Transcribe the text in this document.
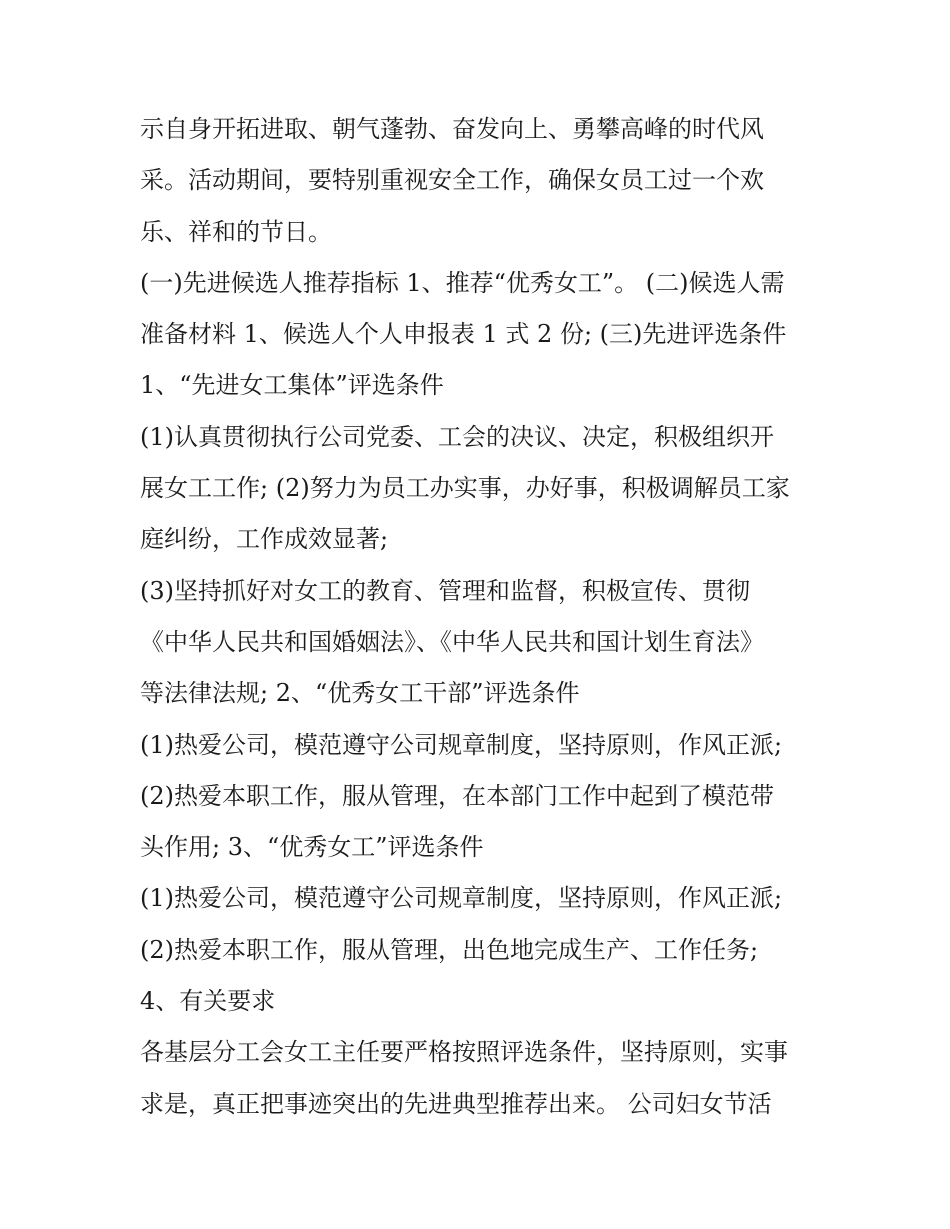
示自身开拓进取、朝气蓬勃、奋发向上、勇攀高峰的时代风
采。活动期间，要特别重视安全工作，确保女员工过一个欢
乐、祥和的节日。
(一)先进候选人推荐指标 1、推荐“优秀女工”。 (二)候选人需
准备材料 1、候选人个人申报表 1 式 2 份; (三)先进评选条件
1、“先进女工集体”评选条件
(1)认真贯彻执行公司党委、工会的决议、决定，积极组织开
展女工工作; (2)努力为员工办实事，办好事，积极调解员工家
庭纠纷，工作成效显著;
(3)坚持抓好对女工的教育、管理和监督，积极宣传、贯彻
《中华人民共和国婚姻法》、《中华人民共和国计划生育法》
等法律法规; 2、“优秀女工干部”评选条件
(1)热爱公司，模范遵守公司规章制度，坚持原则，作风正派;
(2)热爱本职工作，服从管理，在本部门工作中起到了模范带
头作用; 3、“优秀女工”评选条件
(1)热爱公司，模范遵守公司规章制度，坚持原则，作风正派;
(2)热爱本职工作，服从管理，出色地完成生产、工作任务;
4、有关要求
各基层分工会女工主任要严格按照评选条件，坚持原则，实事
求是，真正把事迹突出的先进典型推荐出来。 公司妇女节活
